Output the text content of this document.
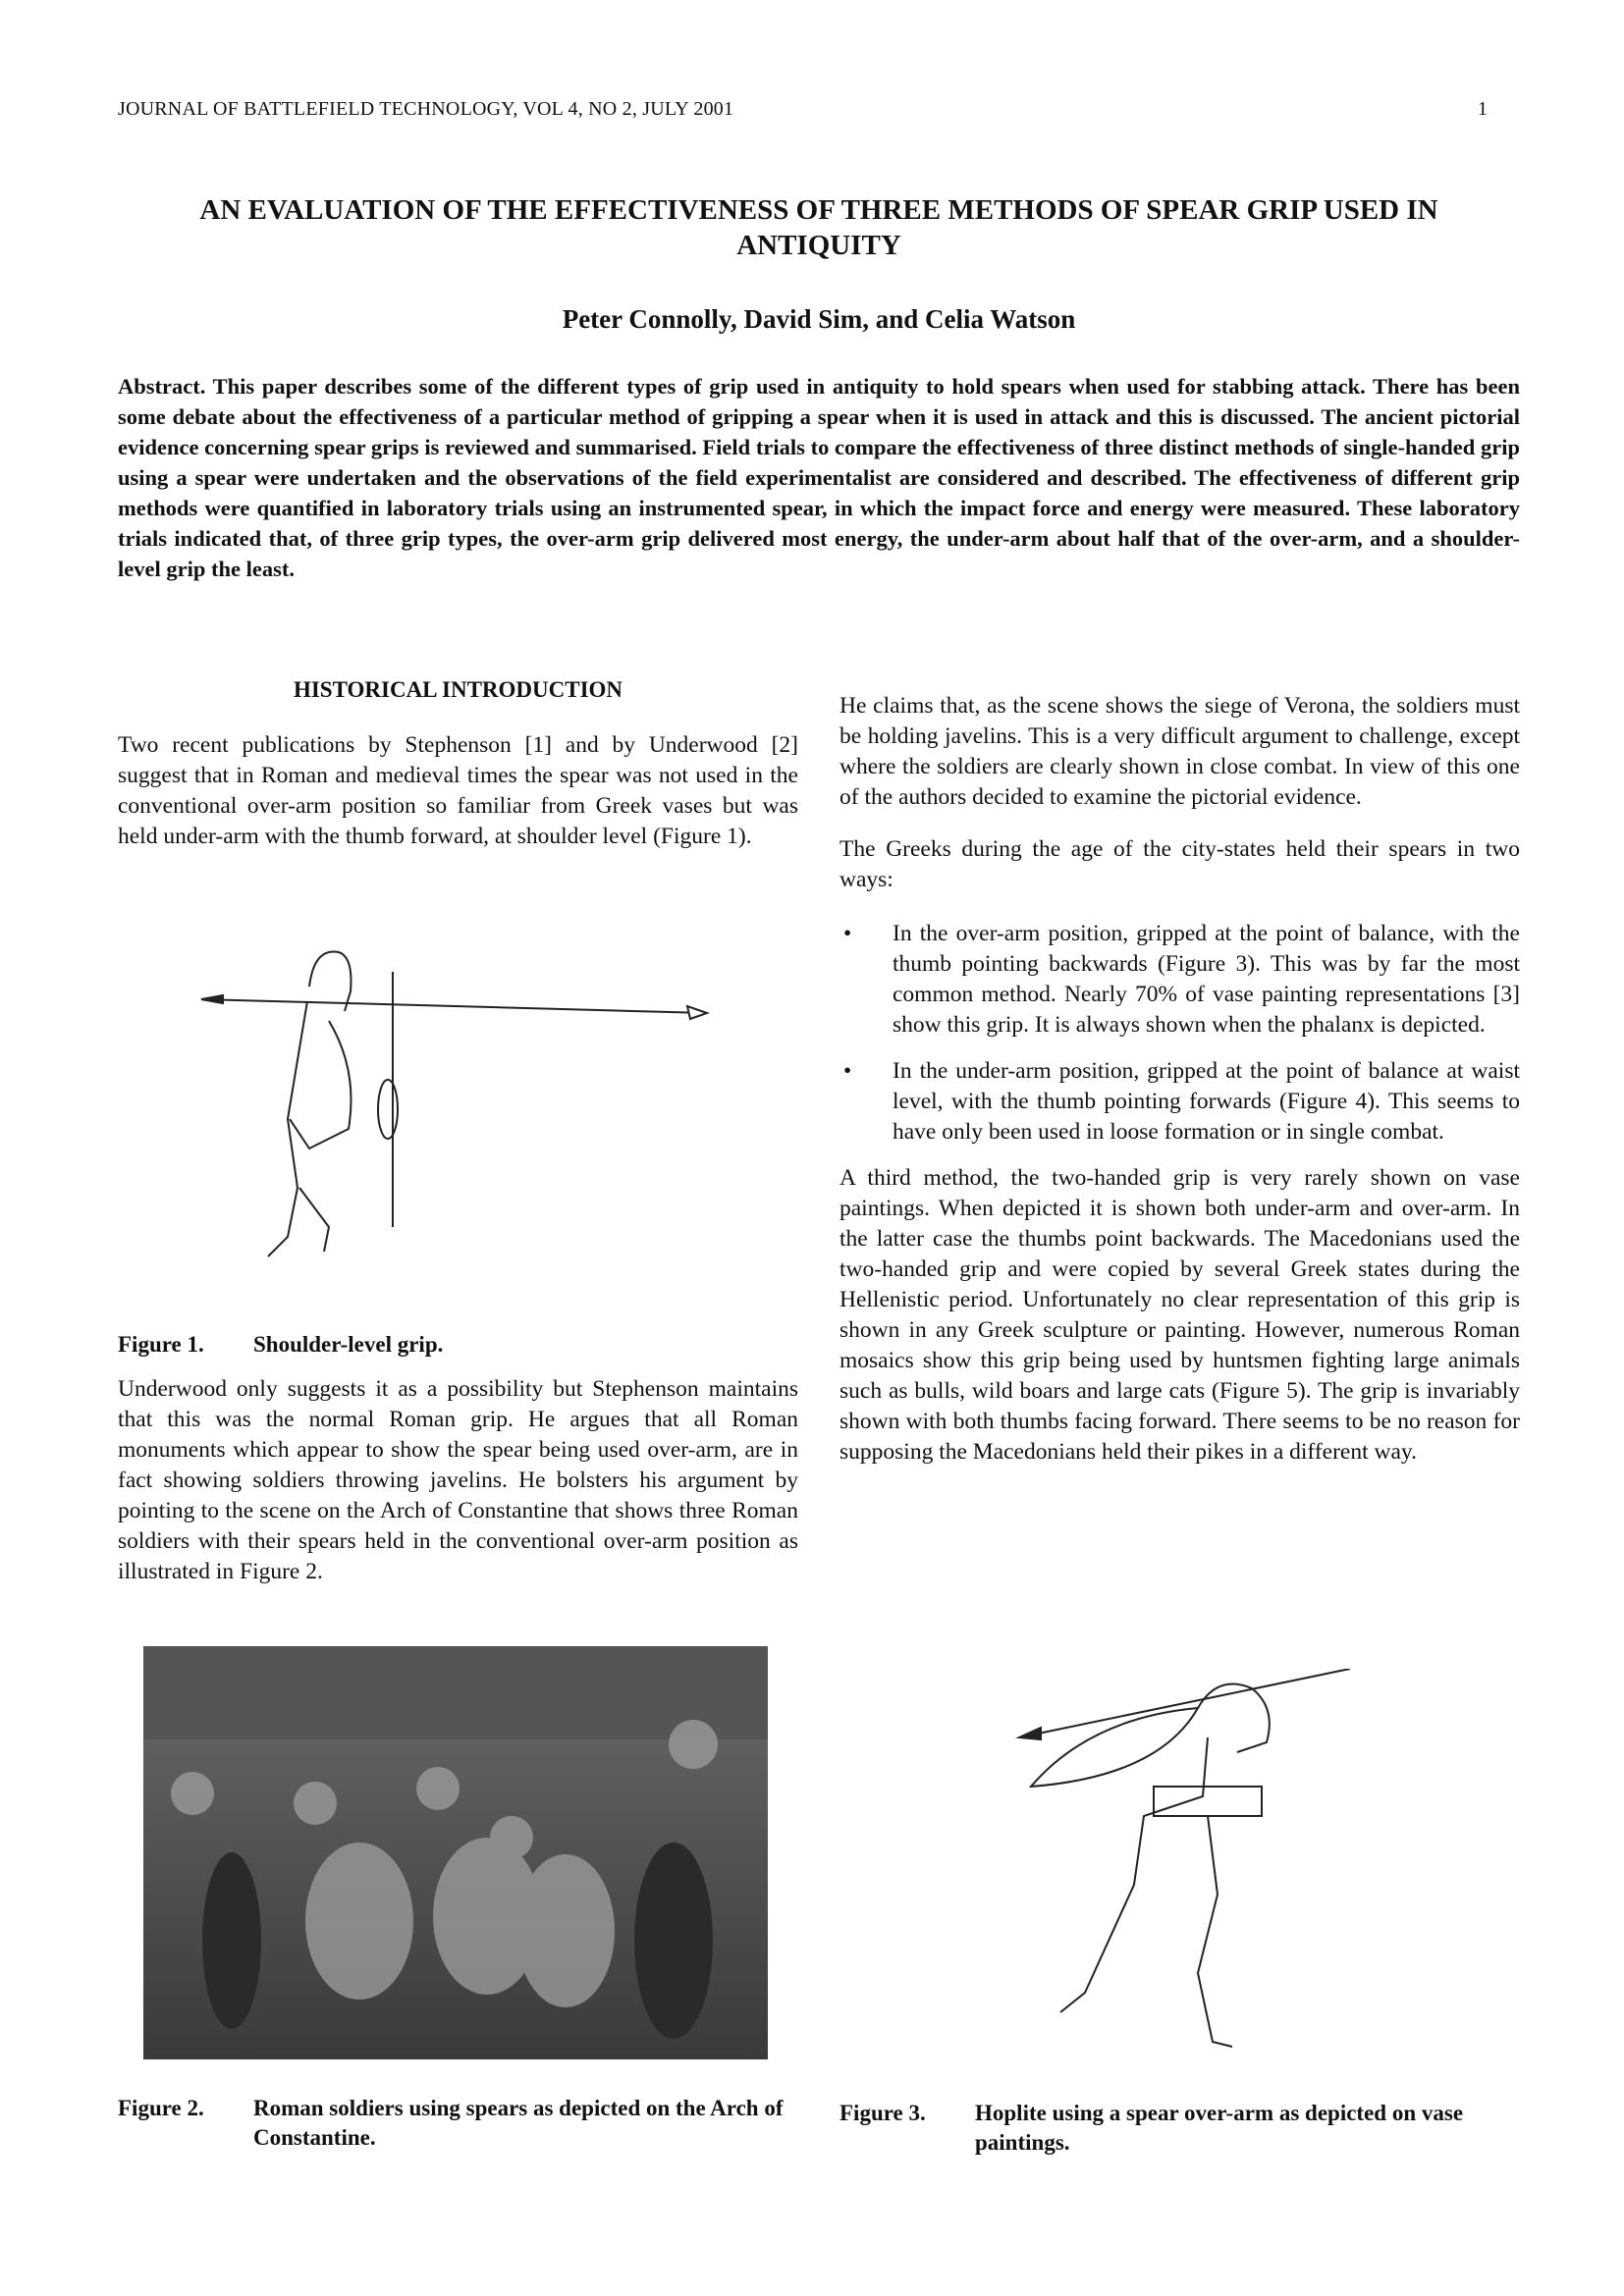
JOURNAL OF BATTLEFIELD TECHNOLOGY, VOL 4, NO 2, JULY 2001	1
AN EVALUATION OF THE EFFECTIVENESS OF THREE METHODS OF SPEAR GRIP USED IN ANTIQUITY
Peter Connolly, David Sim, and Celia Watson
Abstract. This paper describes some of the different types of grip used in antiquity to hold spears when used for stabbing attack. There has been some debate about the effectiveness of a particular method of gripping a spear when it is used in attack and this is discussed. The ancient pictorial evidence concerning spear grips is reviewed and summarised. Field trials to compare the effectiveness of three distinct methods of single-handed grip using a spear were undertaken and the observations of the field experimentalist are considered and described. The effectiveness of different grip methods were quantified in laboratory trials using an instrumented spear, in which the impact force and energy were measured. These laboratory trials indicated that, of three grip types, the over-arm grip delivered most energy, the under-arm about half that of the over-arm, and a shoulder-level grip the least.
HISTORICAL INTRODUCTION

Two recent publications by Stephenson [1] and by Underwood [2] suggest that in Roman and medieval times the spear was not used in the conventional over-arm position so familiar from Greek vases but was held under-arm with the thumb forward, at shoulder level (Figure 1).

Figure 1.	Shoulder-level grip.

Underwood only suggests it as a possibility but Stephenson maintains that this was the normal Roman grip. He argues that all Roman monuments which appear to show the spear being used over-arm, are in fact showing soldiers throwing javelins. He bolsters his argument by pointing to the scene on the Arch of Constantine that shows three Roman soldiers with their spears held in the conventional over-arm position as illustrated in Figure 2.

Figure 2.	Roman soldiers using spears as depicted on the Arch of Constantine.

He claims that, as the scene shows the siege of Verona, the soldiers must be holding javelins. This is a very difficult argument to challenge, except where the soldiers are clearly shown in close combat. In view of this one of the authors decided to examine the pictorial evidence.

The Greeks during the age of the city-states held their spears in two ways:

• In the over-arm position, gripped at the point of balance, with the thumb pointing backwards (Figure 3). This was by far the most common method. Nearly 70% of vase painting representations [3] show this grip. It is always shown when the phalanx is depicted.
• In the under-arm position, gripped at the point of balance at waist level, with the thumb pointing forwards (Figure 4). This seems to have only been used in loose formation or in single combat.

A third method, the two-handed grip is very rarely shown on vase paintings. When depicted it is shown both under-arm and over-arm. In the latter case the thumbs point backwards. The Macedonians used the two-handed grip and were copied by several Greek states during the Hellenistic period. Unfortunately no clear representation of this grip is shown in any Greek sculpture or painting. However, numerous Roman mosaics show this grip being used by huntsmen fighting large animals such as bulls, wild boars and large cats (Figure 5). The grip is invariably shown with both thumbs facing forward. There seems to be no reason for supposing the Macedonians held their pikes in a different way.

Figure 3.	Hoplite using a spear over-arm as depicted on vase paintings.
